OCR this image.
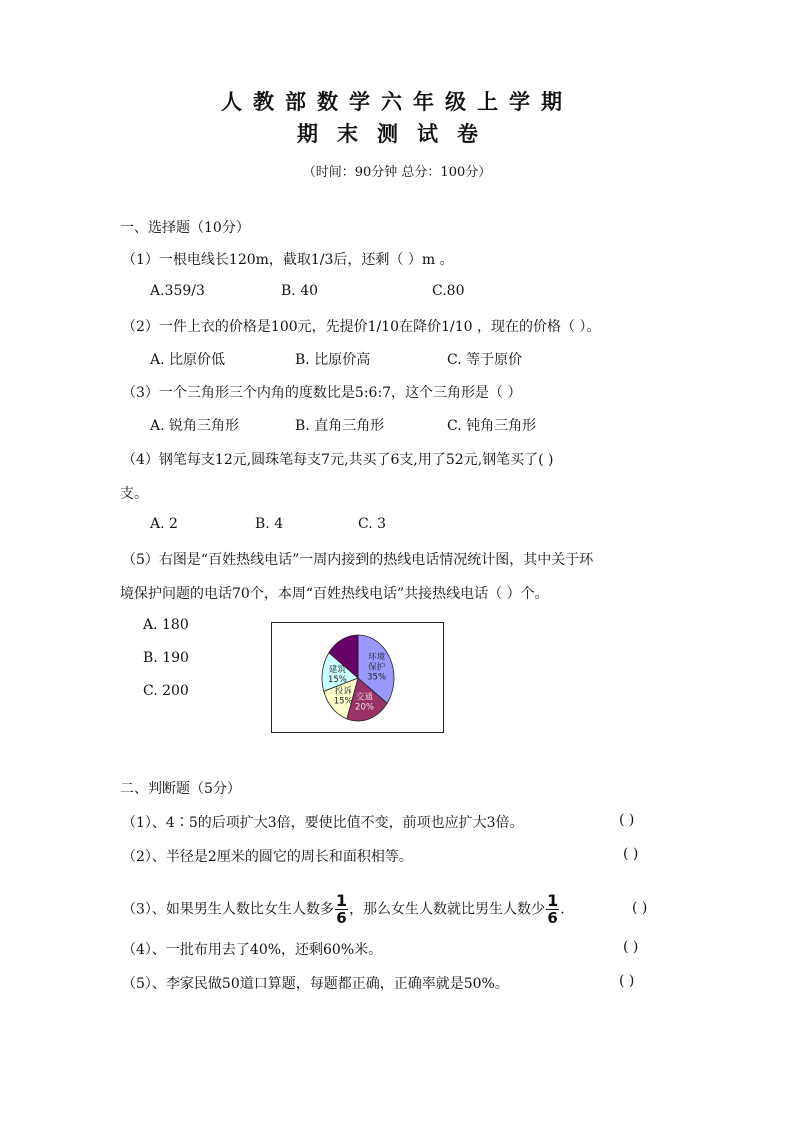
人教部数学六年级上学期
期末测试卷
（时间：90分钟 总分：100分）
一、选择题（10分）
（1）一根电线长120m，截取1/3后，还剩（ ）m 。
A.359/3	B. 40	C.80
（2）一件上衣的价格是100元，先提价1/10在降价1/10 ，现在的价格（ ）。
A. 比原价低	B. 比原价高	C. 等于原价
（3）一个三角形三个内角的度数比是5:6:7，这个三角形是（ ）
A. 锐角三角形	B. 直角三角形	C. 钝角三角形
（4）钢笔每支12元,圆珠笔每支7元,共买了6支,用了52元,钢笔买了( )
支。
A. 2	B. 4	C. 3
（5）右图是“百姓热线电话”一周内接到的热线电话情况统计图，其中关于环
境保护问题的电话70个，本周“百姓热线电话”共接热线电话（ ）个。
A. 180
B. 190
C. 200
环境
保护
35%
交通
20%
投诉
15%
建筑
15%
二、判断题（5分）
（1）、4∶5的后项扩大3倍，要使比值不变，前项也应扩大3倍。	( )
（2）、半径是2厘米的圆它的周长和面积相等。	( )
（3）、如果男生人数比女生人数多 $\frac{1}{6}$ ，那么女生人数就比男生人数少 $\frac{1}{6}$ .	( )
（4）、一批布用去了40%，还剩60%米。	( )
（5）、李家民做50道口算题，每题都正确，正确率就是50%。	( )
